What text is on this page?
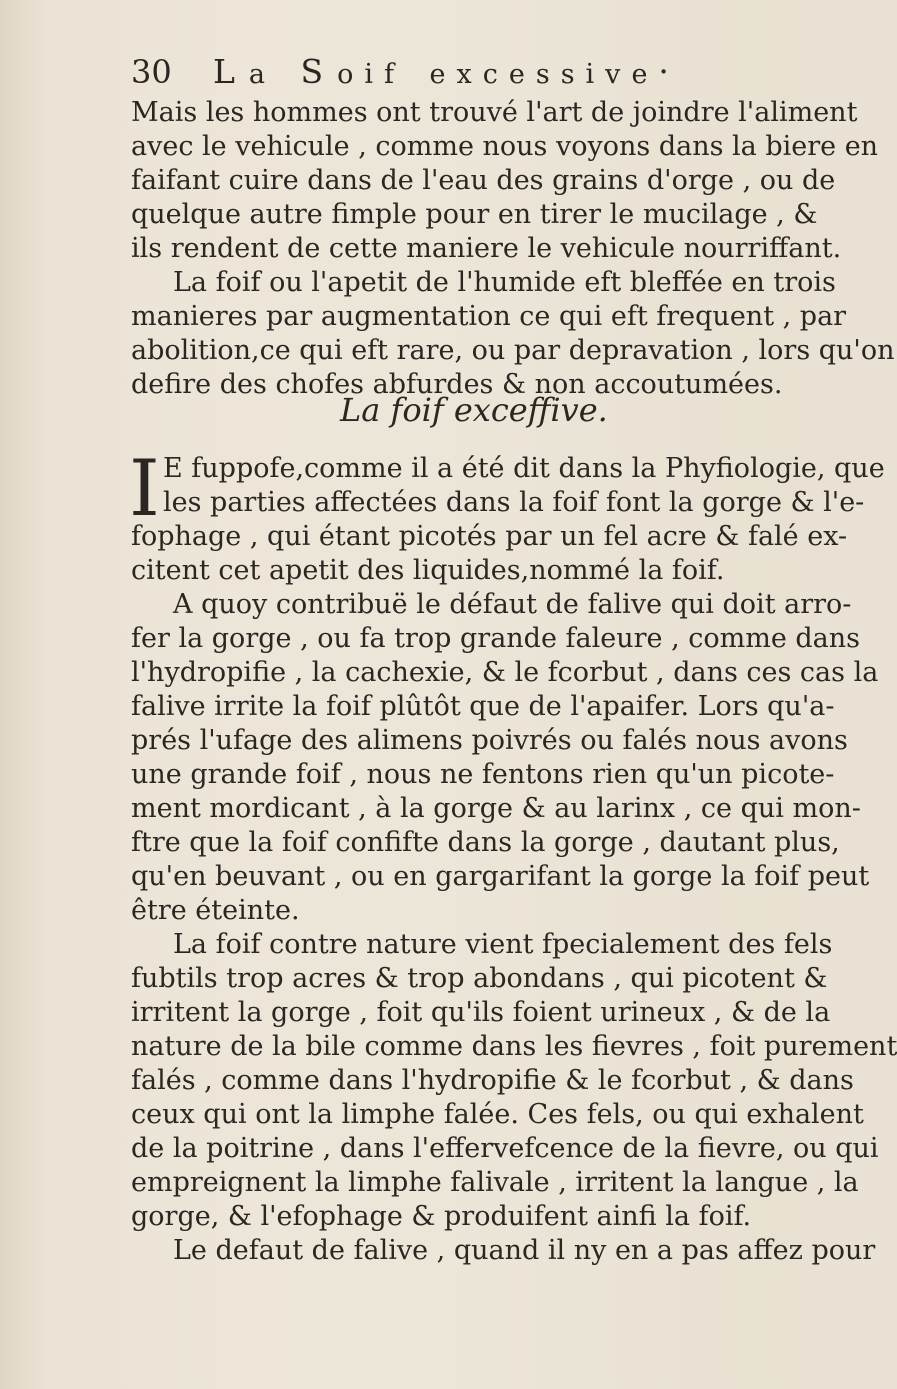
30 La Soif excessive·
Mais les hommes ont trouvé l'art de joindre l'aliment
avec le vehicule , comme nous voyons dans la biere en
faifant cuire dans de l'eau des grains d'orge , ou de
quelque autre fimple pour en tirer le mucilage , &
ils rendent de cette maniere le vehicule nourriffant.
La foif ou l'apetit de l'humide eft bleffée en trois
manieres par augmentation ce qui eft frequent , par
abolition,ce qui eft rare, ou par depravation , lors qu'on
defire des chofes abfurdes & non accoutumées.
La foif exceffive.
I E fuppofe,comme il a été dit dans la Phyfiologie, que
les parties affectées dans la foif font la gorge & l'e-
fophage , qui étant picotés par un fel acre & falé ex-
citent cet apetit des liquides,nommé la foif.
A quoy contribuë le défaut de falive qui doit arro-
fer la gorge , ou fa trop grande faleure , comme dans
l'hydropifie , la cachexie, & le fcorbut , dans ces cas la
falive irrite la foif plûtôt que de l'apaifer. Lors qu'a-
prés l'ufage des alimens poivrés ou falés nous avons
une grande foif , nous ne fentons rien qu'un picote-
ment mordicant , à la gorge & au larinx , ce qui mon-
ftre que la foif confifte dans la gorge , dautant plus,
qu'en beuvant , ou en gargarifant la gorge la foif peut
être éteinte.
La foif contre nature vient fpecialement des fels
fubtils trop acres & trop abondans , qui picotent &
irritent la gorge , foit qu'ils foient urineux , & de la
nature de la bile comme dans les fievres , foit purement
falés , comme dans l'hydropifie & le fcorbut , & dans
ceux qui ont la limphe falée. Ces fels, ou qui exhalent
de la poitrine , dans l'effervefcence de la fievre, ou qui
empreignent la limphe falivale , irritent la langue , la
gorge, & l'efophage & produifent ainfi la foif.
Le defaut de falive , quand il ny en a pas affez pour
